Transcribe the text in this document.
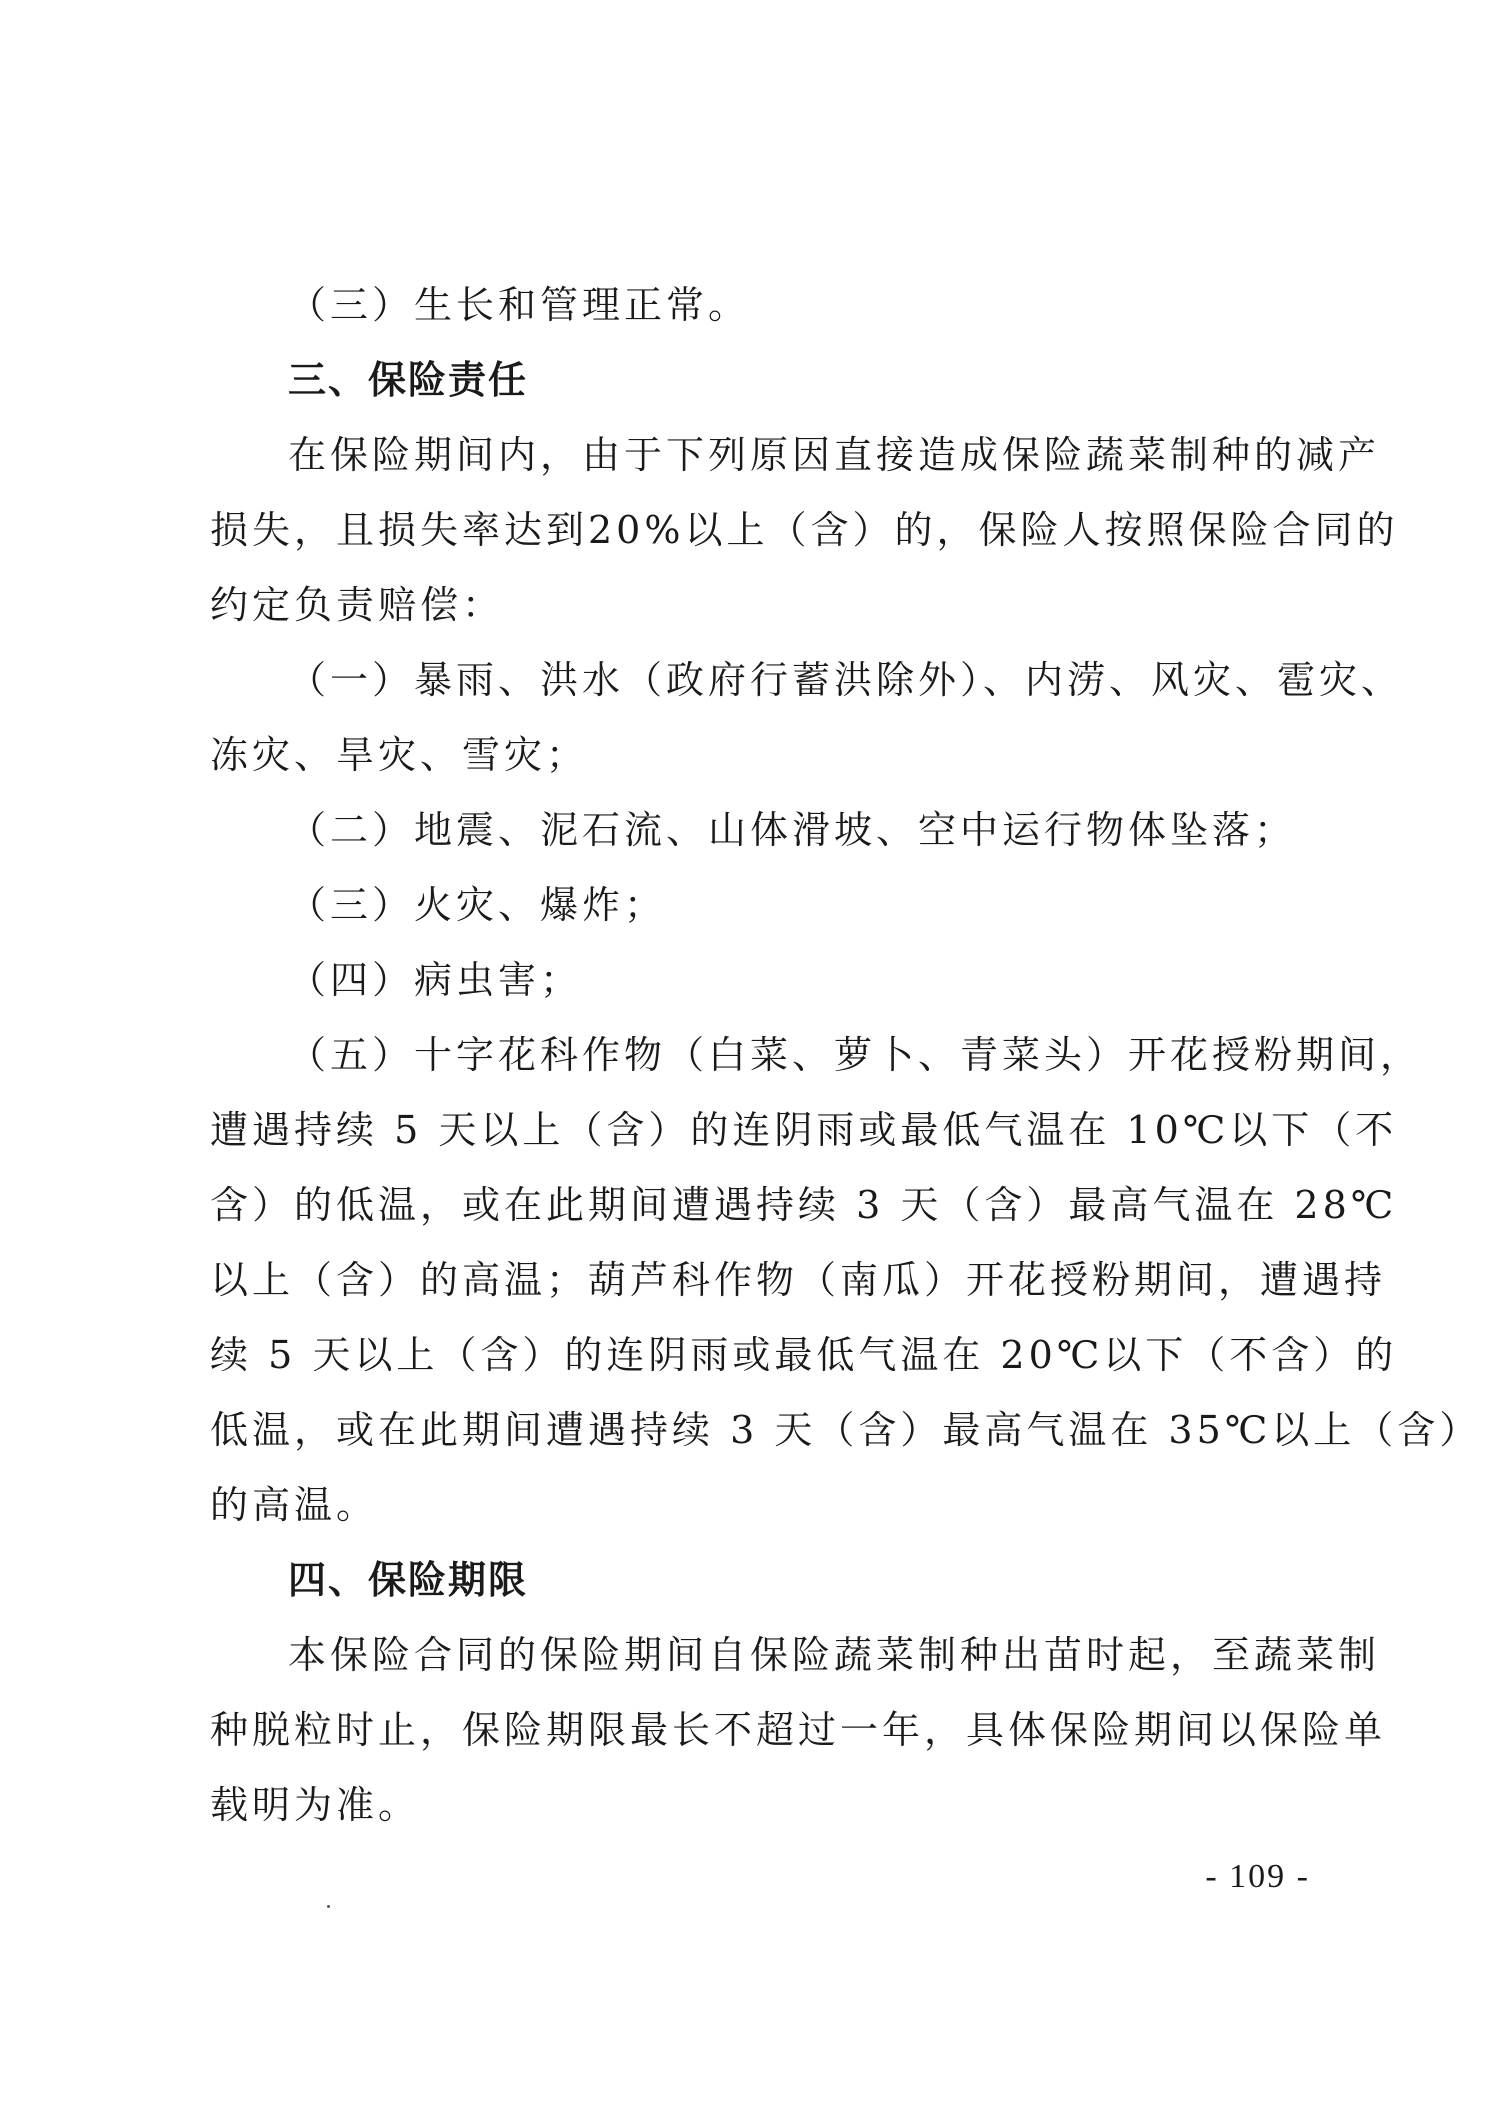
（三）生长和管理正常。
三、保险责任
在保险期间内，由于下列原因直接造成保险蔬菜制种的减产
损失，且损失率达到20%以上（含）的，保险人按照保险合同的
约定负责赔偿：
（一）暴雨、洪水（政府行蓄洪除外）、内涝、风灾、雹灾、
冻灾、旱灾、雪灾；
（二）地震、泥石流、山体滑坡、空中运行物体坠落；
（三）火灾、爆炸；
（四）病虫害；
（五）十字花科作物（白菜、萝卜、青菜头）开花授粉期间，
遭遇持续 5 天以上（含）的连阴雨或最低气温在 10℃以下（不
含）的低温，或在此期间遭遇持续 3 天（含）最高气温在 28℃
以上（含）的高温；葫芦科作物（南瓜）开花授粉期间，遭遇持
续 5 天以上（含）的连阴雨或最低气温在 20℃以下（不含）的
低温，或在此期间遭遇持续 3 天（含）最高气温在 35℃以上（含）
的高温。
四、保险期限
本保险合同的保险期间自保险蔬菜制种出苗时起，至蔬菜制
种脱粒时止，保险期限最长不超过一年，具体保险期间以保险单
载明为准。
- 109 -
